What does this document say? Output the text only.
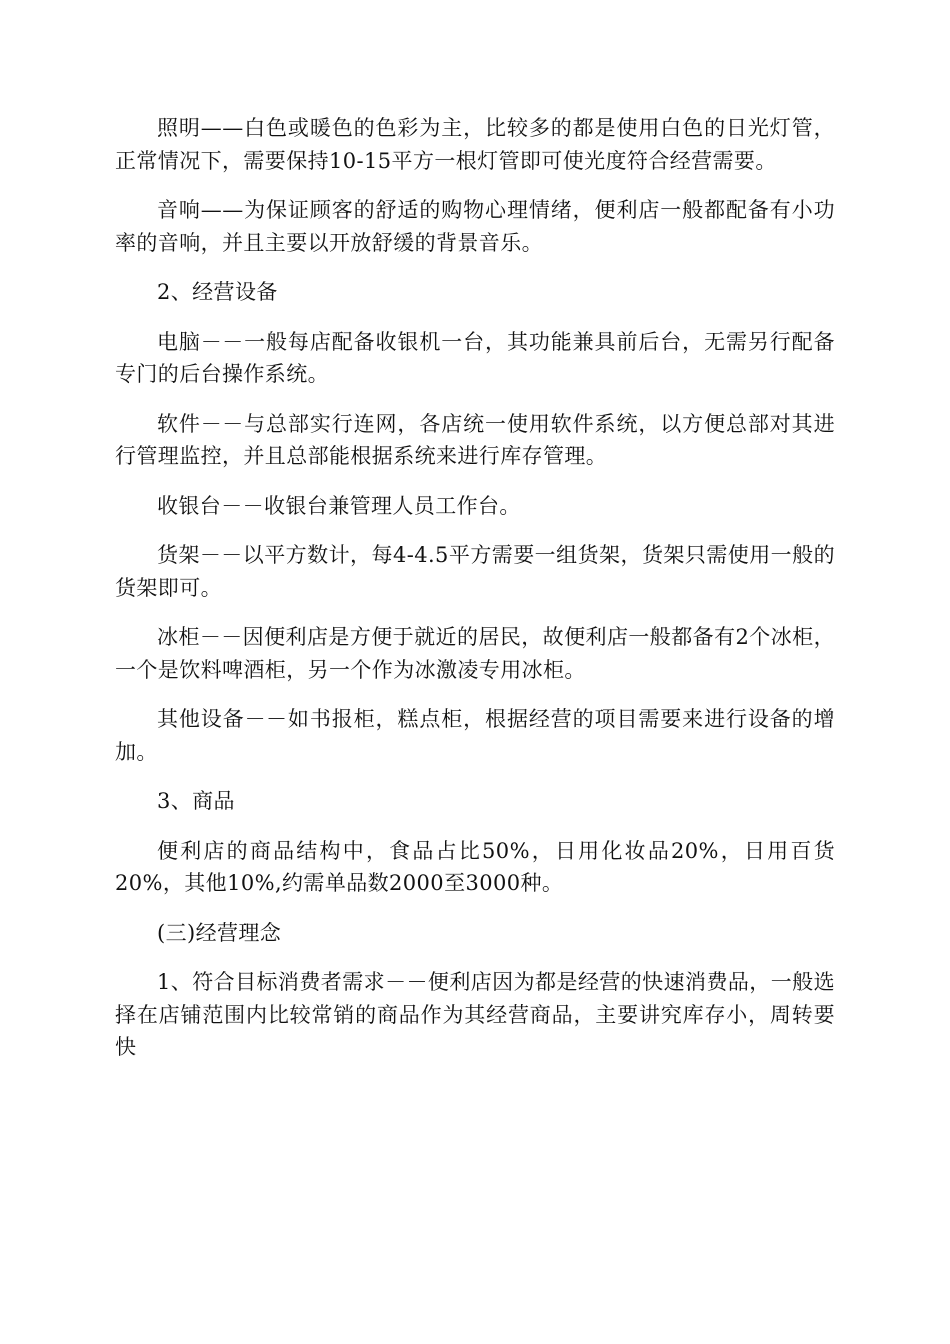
照明——白色或暖色的色彩为主，比较多的都是使用白色的日光灯管，正常情况下，需要保持10-15平方一根灯管即可使光度符合经营需要。

音响——为保证顾客的舒适的购物心理情绪，便利店一般都配备有小功率的音响，并且主要以开放舒缓的背景音乐。

2、经营设备

电脑－－一般每店配备收银机一台，其功能兼具前后台，无需另行配备专门的后台操作系统。

软件－－与总部实行连网，各店统一使用软件系统，以方便总部对其进行管理监控，并且总部能根据系统来进行库存管理。

收银台－－收银台兼管理人员工作台。

货架－－以平方数计，每4-4.5平方需要一组货架，货架只需使用一般的货架即可。

冰柜－－因便利店是方便于就近的居民，故便利店一般都备有2个冰柜，一个是饮料啤酒柜，另一个作为冰激凌专用冰柜。

其他设备－－如书报柜，糕点柜，根据经营的项目需要来进行设备的增加。

3、商品

便利店的商品结构中，食品占比50%，日用化妆品20%，日用百货20%，其他10%,约需单品数2000至3000种。

(三)经营理念

1、符合目标消费者需求－－便利店因为都是经营的快速消费品，一般选择在店铺范围内比较常销的商品作为其经营商品，主要讲究库存小，周转要快
